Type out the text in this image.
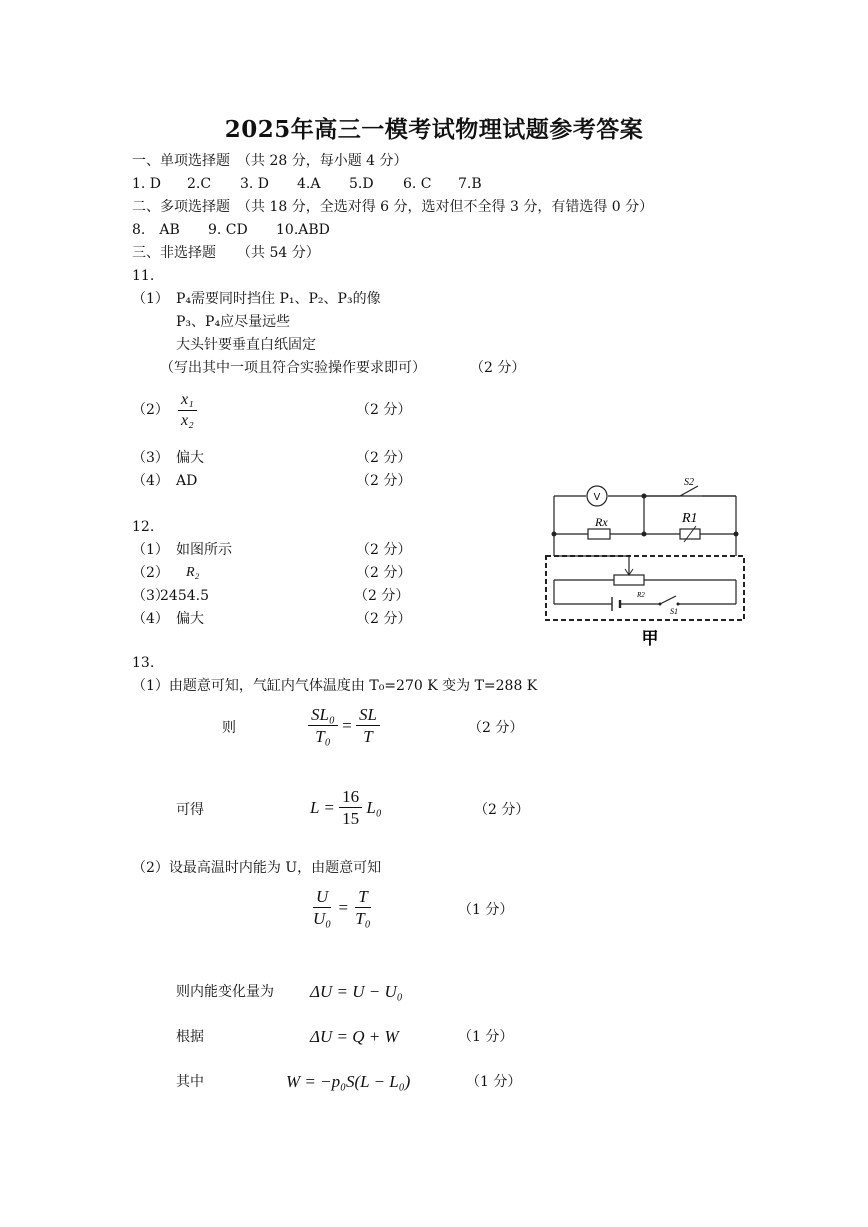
2025年高三一模考试物理试题参考答案
一、单项选择题　（共 28 分，每小题 4 分）
1. D 2.C 3. D 4.A 5.D 6. C 7.B
二、多项选择题　（共 18 分，全选对得 6 分，选对但不全得 3 分，有错选得 0 分）
8.　AB 9. CD 10.ABD
三、非选择题　　（共 54 分）
11.
（1） P₄需要同时挡住 P₁、P₂、P₃的像
P₃、P₄应尽量远些
大头针要垂直白纸固定
（写出其中一项且符合实验操作要求即可）	（2 分）
$(2) \frac{\text{x₁}}{\text{x₂}}$	（2 分）
（3） 偏大	（2 分）
（4） AD	（2 分）
12.
（1） 如图所示	（2 分）
（2） R₂	（2 分）
（3）
2454.5	（2 分）
（4） 偏大	（2 分）
V
Rx	R1
S2
R2
S1
甲
13.
（1）由题意可知，气缸内气体温度由 T₀=270 K 变为 T=288 K
则	$\frac{\text{SL₀}}{\text{T₀}} = \frac{SL}{T}$	（2 分）
可得	$L = \frac{16}{15} L_0$	（2 分）
（2）设最高温时内能为 U，由题意可知
$\frac{U}{\text{U₀}} = \frac{T}{\text{T₀}}$	（1 分）
则内能变化量为 ΔU = U − U₀
根据	ΔU = Q + W	（1 分）
其中	W = −p₀S(L − L₀)	（1 分）
